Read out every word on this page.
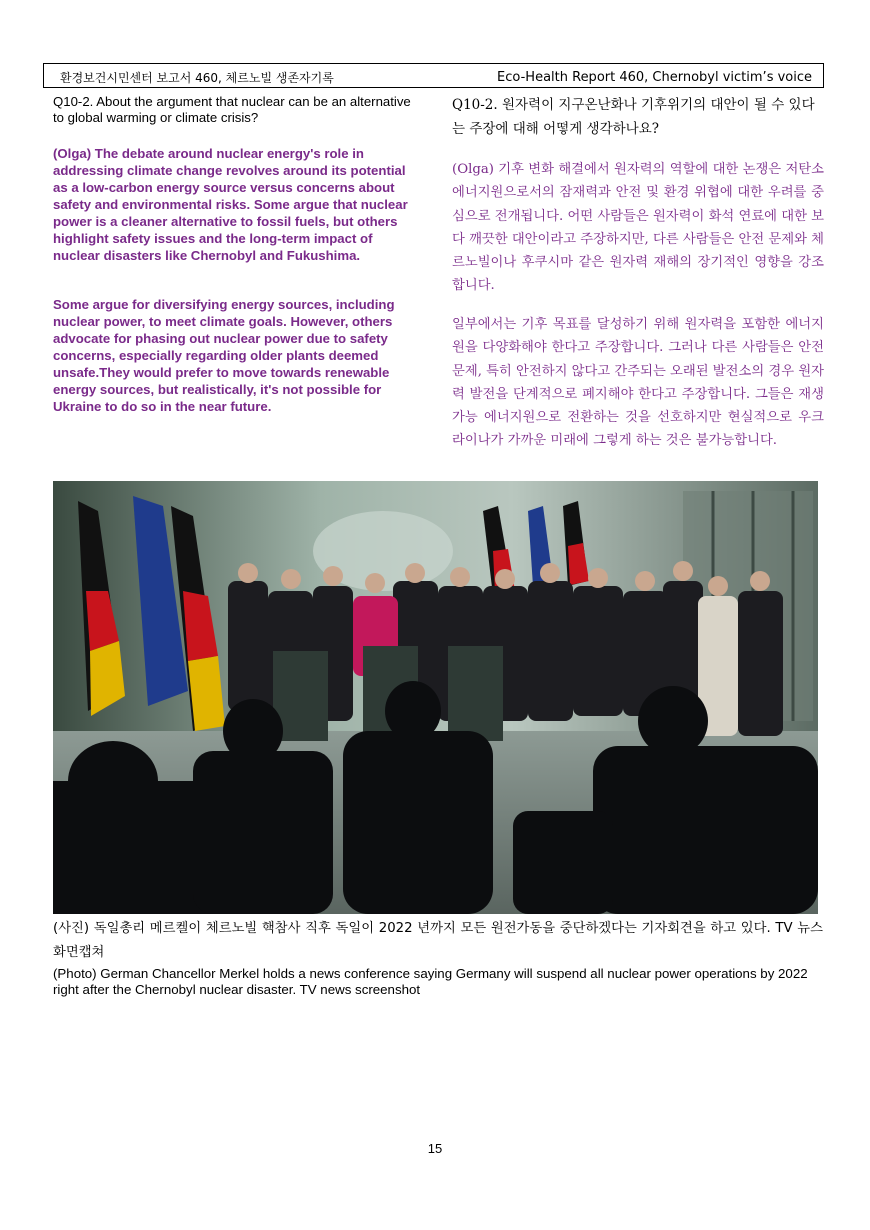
환경보건시민센터 보고서 460, 체르노빌 생존자기록	Eco-Health Report 460, Chernobyl victim’s voice
Q10-2. About the argument that nuclear can be an alternative to global warming or climate crisis?
(Olga) The debate around nuclear energy's role in addressing climate change revolves around its potential as a low-carbon energy source versus concerns about safety and environmental risks. Some argue that nuclear power is a cleaner alternative to fossil fuels, but others highlight safety issues and the long-term impact of nuclear disasters like Chernobyl and Fukushima.
Some argue for diversifying energy sources, including nuclear power, to meet climate goals. However, others advocate for phasing out nuclear power due to safety concerns, especially regarding older plants deemed unsafe.They would prefer to move towards renewable energy sources, but realistically, it's not possible for Ukraine to do so in the near future.
Q10-2. 원자력이 지구온난화나 기후위기의 대안이 될 수 있다는 주장에 대해 어떻게 생각하나요?
(Olga) 기후 변화 해결에서 원자력의 역할에 대한 논쟁은 저탄소 에너지원으로서의 잠재력과 안전 및 환경 위협에 대한 우려를 중심으로 전개됩니다. 어떤 사람들은 원자력이 화석 연료에 대한 보다 깨끗한 대안이라고 주장하지만, 다른 사람들은 안전 문제와 체르노빌이나 후쿠시마 같은 원자력 재해의 장기적인 영향을 강조합니다.
일부에서는 기후 목표를 달성하기 위해 원자력을 포함한 에너지원을 다양화해야 한다고 주장합니다. 그러나 다른 사람들은 안전 문제, 특히 안전하지 않다고 간주되는 오래된 발전소의 경우 원자력 발전을 단계적으로 폐지해야 한다고 주장합니다. 그들은 재생 가능 에너지원으로 전환하는 것을 선호하지만 현실적으로 우크라이나가 가까운 미래에 그렇게 하는 것은 불가능합니다.
(사진) 독일총리 메르켈이 체르노빌 핵참사 직후 독일이 2022 년까지 모든 원전가동을 중단하겠다는 기자회견을 하고 있다. TV 뉴스 화면캡쳐
(Photo) German Chancellor Merkel holds a news conference saying Germany will suspend all nuclear power operations by 2022 right after the Chernobyl nuclear disaster. TV news screenshot
15
